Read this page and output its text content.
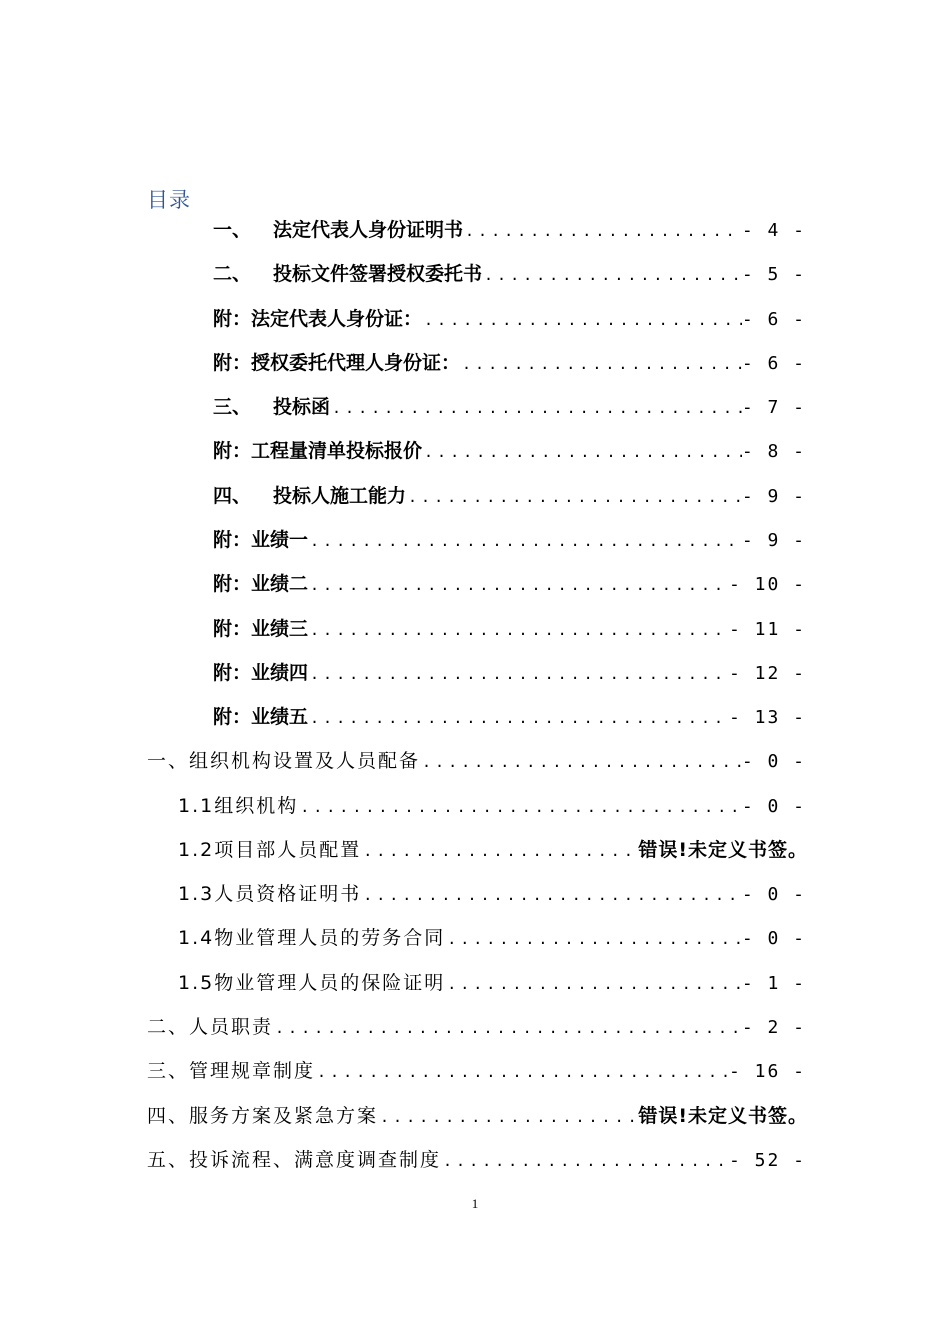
目录
一、	法定代表人身份证明书 .....	- 4 -
二、	投标文件签署授权委托书 .....	- 5 -
附：法定代表人身份证： .....	- 6 -
附：授权委托代理人身份证： .....	- 6 -
三、	投标函 .....	- 7 -
附：工程量清单投标报价 .....	- 8 -
四、	投标人施工能力 .....	- 9 -
附：业绩一 .....	- 9 -
附：业绩二 .....	- 10 -
附：业绩三 .....	- 11 -
附：业绩四 .....	- 12 -
附：业绩五 .....	- 13 -
一、组织机构设置及人员配备 .....	- 0 -
1.1组织机构 .....	- 0 -
1.2项目部人员配置 .....	错误!未定义书签。
1.3人员资格证明书 .....	- 0 -
1.4物业管理人员的劳务合同 .....	- 0 -
1.5物业管理人员的保险证明 .....	- 1 -
二、人员职责 .....	- 2 -
三、管理规章制度 .....	- 16 -
四、服务方案及紧急方案 .....	错误!未定义书签。
五、投诉流程、满意度调查制度 .....	- 52 -
1
